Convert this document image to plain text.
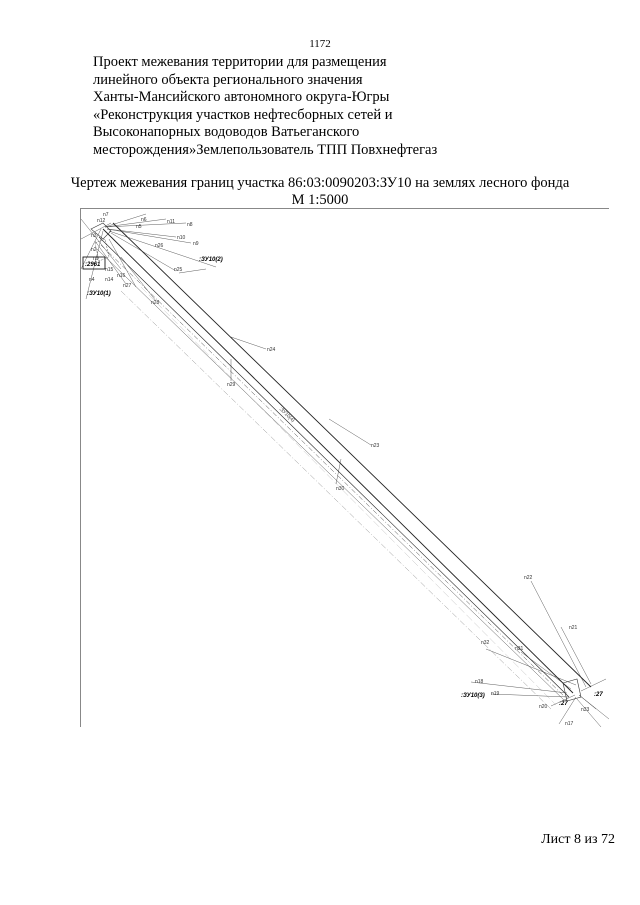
1172
Проект межевания территории для размещения
линейного объекта регионального значения
Ханты-Мансийского автономного округа-Югры
«Реконструкция участков нефтесборных сетей и
Высоконапорных водоводов Ватьеганского
месторождения»Землепользователь ТПП Повхнефтегаз
Чертеж межевания границ участка 86:03:0090203:ЗУ10 на землях лесного фонда
М 1:5000
n7
n12	n6	n11 n8
n5
n10
n9
n26
n25
:ЗУ10(2)
n3
n2
n1
:2961
n15
n16
n4 n14
n27
:ЗУ10(1)
n28
n24
n29
:ЗУ10(4)
n23
n30
n22
n21
n32
n31
n18
n19
:ЗУ10(3)	:27
:27
n20	n33
n17
Лист 8 из 72
